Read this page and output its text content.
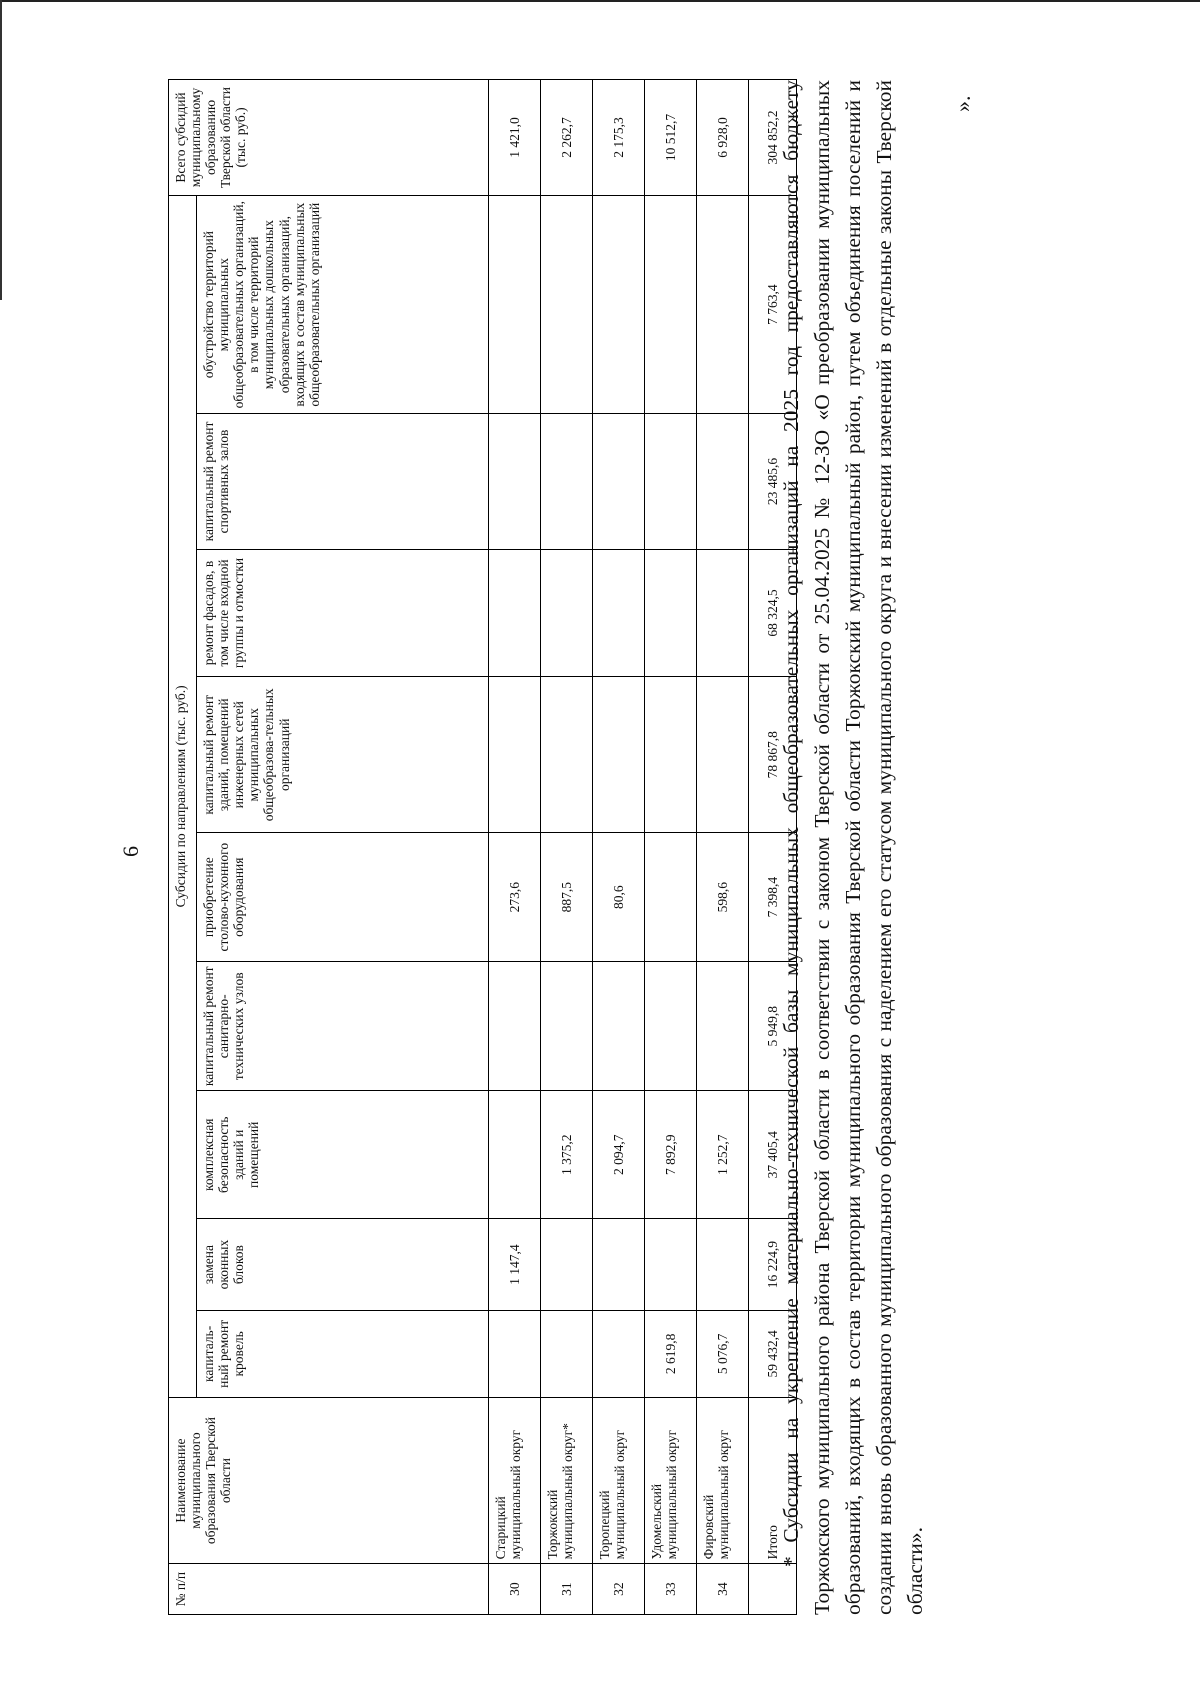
6
№ п/п	Наименование муниципального образования Тверской области	Субсидии по направлениям (тыс. руб.)									Всего субсидий муниципальному образованию Тверской области (тыс. руб.)
		капиталь-ный ремонт кровель	замена оконных блоков	комплексная безопасность зданий и помещений	капитальный ремонт санитарно-технических узлов	приобретение столово-кухонного оборудования	капитальный ремонт зданий, помещений инженерных сетей муниципальных общеобразова-тельных организаций	ремонт фасадов, в том числе входной группы и отмостки	капитальный ремонт спортивных залов	обустройство территорий муниципальных общеобразовательных организаций, в том числе территорий муниципальных дошкольных образовательных организаций, входящих в состав муниципальных общеобразовательных организаций	
30	Старицкий муниципальный округ		1 147,4			273,6					1 421,0
31	Торжокский муниципальный округ*			1 375,2		887,5					2 262,7
32	Торопецкий муниципальный округ			2 094,7		80,6					2 175,3
33	Удомельский муниципальный округ	2 619,8		7 892,9							10 512,7
34	Фировский муниципальный округ	5 076,7		1 252,7		598,6					6 928,0
	Итого	59 432,4	16 224,9	37 405,4	5 949,8	7 398,4	78 867,8	68 324,5	23 485,6	7 763,4	304 852,2 * Субсидии на укрепление материально-технической базы муниципальных общеобразовательных организаций на 2025 год предоставляются бюджету Торжокского муниципального района Тверской области в соответствии с законом Тверской области от 25.04.2025 № 12-ЗО «О преобразовании муниципальных образований, входящих в состав территории муниципального образования Тверской области Торжокский муниципальный район, путем объединения поселений и создании вновь образованного муниципального образования с наделением его статусом муниципального округа и внесении изменений в отдельные законы Тверской области».

».
